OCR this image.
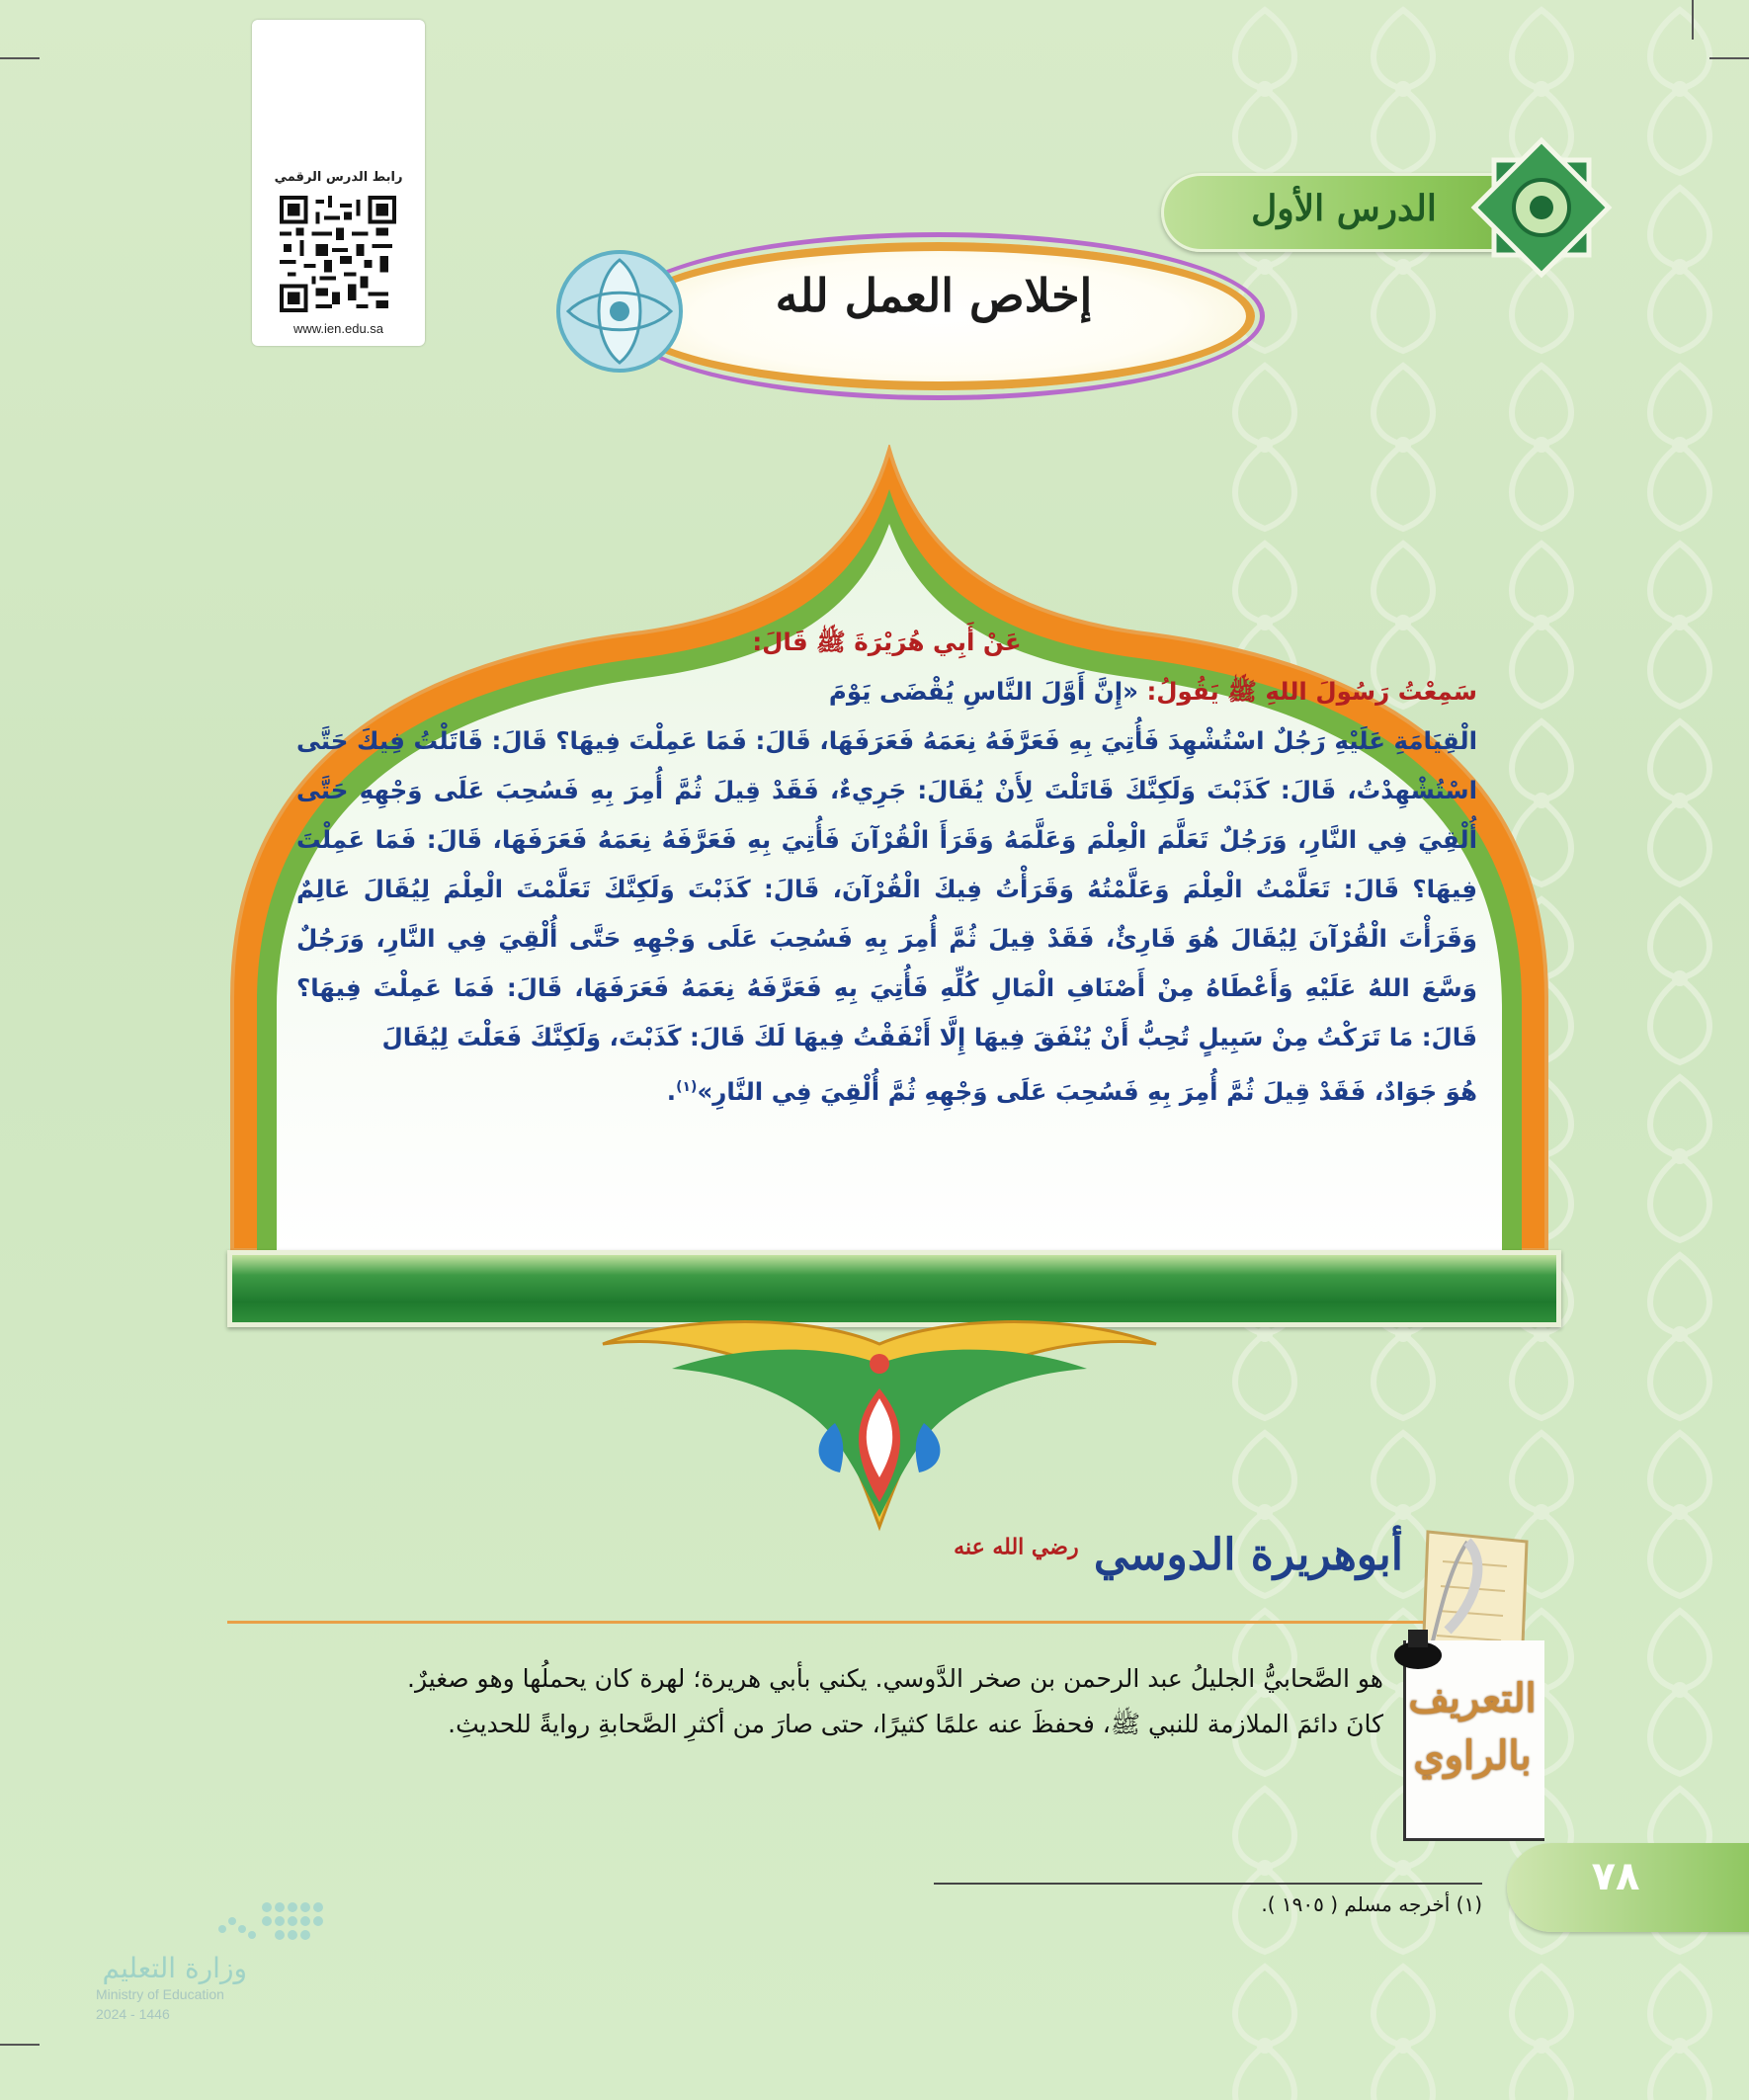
رابط الدرس الرقمي
www.ien.edu.sa
الدرس الأول
إخلاص العمل لله
عَنْ أَبِي هُرَيْرَةَ ﷺ قَالَ:

سَمِعْتُ رَسُولَ اللهِ ﷺ يَقُولُ: «إِنَّ أَوَّلَ النَّاسِ يُقْضَى يَوْمَ

الْقِيَامَةِ عَلَيْهِ رَجُلٌ اسْتُشْهِدَ فَأُتِيَ بِهِ فَعَرَّفَهُ نِعَمَهُ فَعَرَفَهَا، قَالَ: فَمَا عَمِلْتَ فِيهَا؟ قَالَ: قَاتَلْتُ فِيكَ حَتَّى اسْتُشْهِدْتُ، قَالَ: كَذَبْتَ وَلَكِنَّكَ قَاتَلْتَ لِأَنْ يُقَالَ: جَرِيءٌ، فَقَدْ قِيلَ ثُمَّ أُمِرَ بِهِ فَسُحِبَ عَلَى وَجْهِهِ حَتَّى أُلْقِيَ فِي النَّارِ، وَرَجُلٌ تَعَلَّمَ الْعِلْمَ وَعَلَّمَهُ وَقَرَأَ الْقُرْآنَ فَأُتِيَ بِهِ فَعَرَّفَهُ نِعَمَهُ فَعَرَفَهَا، قَالَ: فَمَا عَمِلْتَ فِيهَا؟ قَالَ: تَعَلَّمْتُ الْعِلْمَ وَعَلَّمْتُهُ وَقَرَأْتُ فِيكَ الْقُرْآنَ، قَالَ: كَذَبْتَ وَلَكِنَّكَ تَعَلَّمْتَ الْعِلْمَ لِيُقَالَ عَالِمٌ وَقَرَأْتَ الْقُرْآنَ لِيُقَالَ هُوَ قَارِئٌ، فَقَدْ قِيلَ ثُمَّ أُمِرَ بِهِ فَسُحِبَ عَلَى وَجْهِهِ حَتَّى أُلْقِيَ فِي النَّارِ، وَرَجُلٌ وَسَّعَ اللهُ عَلَيْهِ وَأَعْطَاهُ مِنْ أَصْنَافِ الْمَالِ كُلِّهِ فَأُتِيَ بِهِ فَعَرَّفَهُ نِعَمَهُ فَعَرَفَهَا، قَالَ: فَمَا عَمِلْتَ فِيهَا؟ قَالَ: مَا تَرَكْتُ مِنْ سَبِيلٍ تُحِبُّ أَنْ يُنْفَقَ فِيهَا إِلَّا أَنْفَقْتُ فِيهَا لَكَ قَالَ: كَذَبْتَ، وَلَكِنَّكَ فَعَلْتَ لِيُقَالَ

هُوَ جَوَادٌ، فَقَدْ قِيلَ ثُمَّ أُمِرَ بِهِ فَسُحِبَ عَلَى وَجْهِهِ ثُمَّ أُلْقِيَ فِي النَّارِ»$^{(١)}$.

أبوهريرة الدوسي $^{رضي الله عنه}$
التعريف
بالراوي

هو الصَّحابيُّ الجليلُ عبد الرحمن بن صخر الدَّوسي. يكني بأبي هريرة؛ لهرة كان يحملُها وهو صغيرٌ.

كانَ دائمَ الملازمة للنبي ﷺ، فحفظَ عنه علمًا كثيرًا، حتى صارَ من أكثرِ الصَّحابةِ روايةً للحديثِ.

(١) أخرجه مسلم ( ١٩٠٥ ).
٧٨
وزارة التعليم
Ministry of Education
2024 - 1446
